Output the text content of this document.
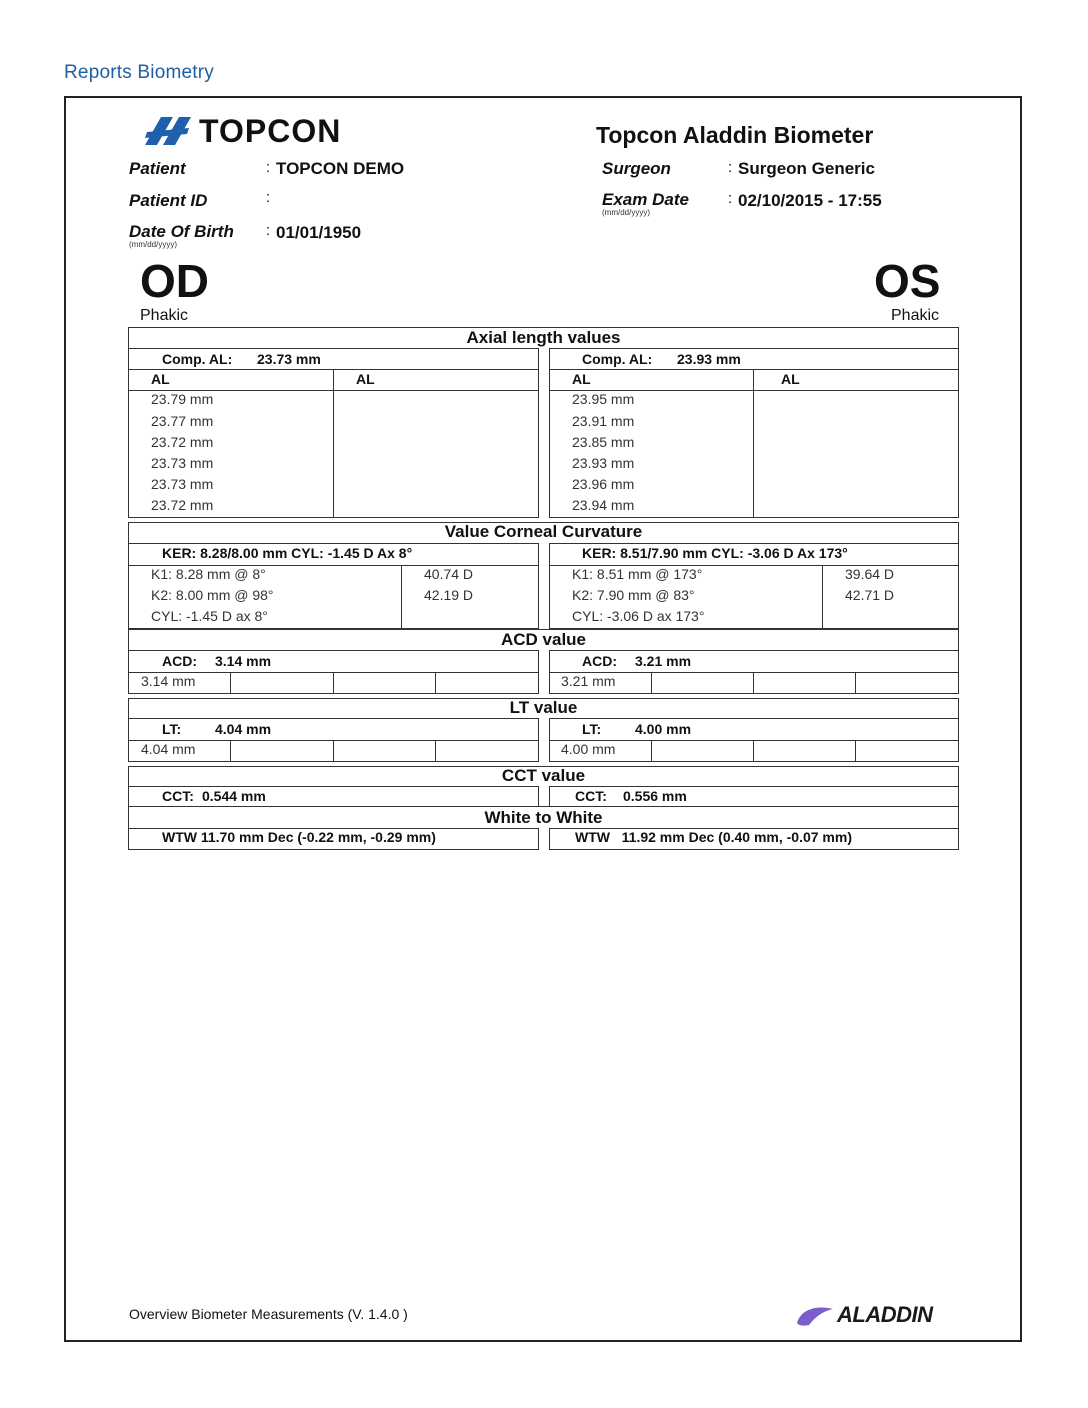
Reports Biometry
TOPCON	Topcon Aladdin Biometer
Patient	: TOPCON DEMO
Patient ID	:
Date Of Birth
(mm/dd/yyyy)
: 01/01/1950
Surgeon	: Surgeon Generic
Exam Date
(mm/dd/yyyy)
: 02/10/2015 - 17:55
OD
Phakic
OS
Phakic
Axial length values
Comp. AL: 23.73 mm	Comp. AL: 23.93 mm
AL	AL	AL	AL
23.79 mm
23.77 mm
23.72 mm
23.73 mm
23.73 mm
23.72 mm
23.95 mm
23.91 mm
23.85 mm
23.93 mm
23.96 mm
23.94 mm
Value Corneal Curvature
KER: 8.28/8.00 mm CYL: -1.45 D Ax 8°	KER: 8.51/7.90 mm CYL: -3.06 D Ax 173°
K1: 8.28 mm @ 8°	40.74 D
K2: 8.00 mm @ 98°	42.19 D
CYL: -1.45 D ax 8°
K1: 8.51 mm @ 173°	39.64 D
K2: 7.90 mm @ 83°	42.71 D
CYL: -3.06 D ax 173°
ACD value
ACD: 3.14 mm	ACD: 3.21 mm
3.14 mm	3.21 mm
LT value
LT: 4.04 mm	LT: 4.00 mm
4.04 mm	4.00 mm
CCT value
CCT: 0.544 mm	CCT: 0.556 mm
White to White
WTW 11.70 mm Dec (-0.22 mm, -0.29 mm)	WTW   11.92 mm Dec (0.40 mm, -0.07 mm)
Overview Biometer Measurements (V. 1.4.0 )	ALADDIN
